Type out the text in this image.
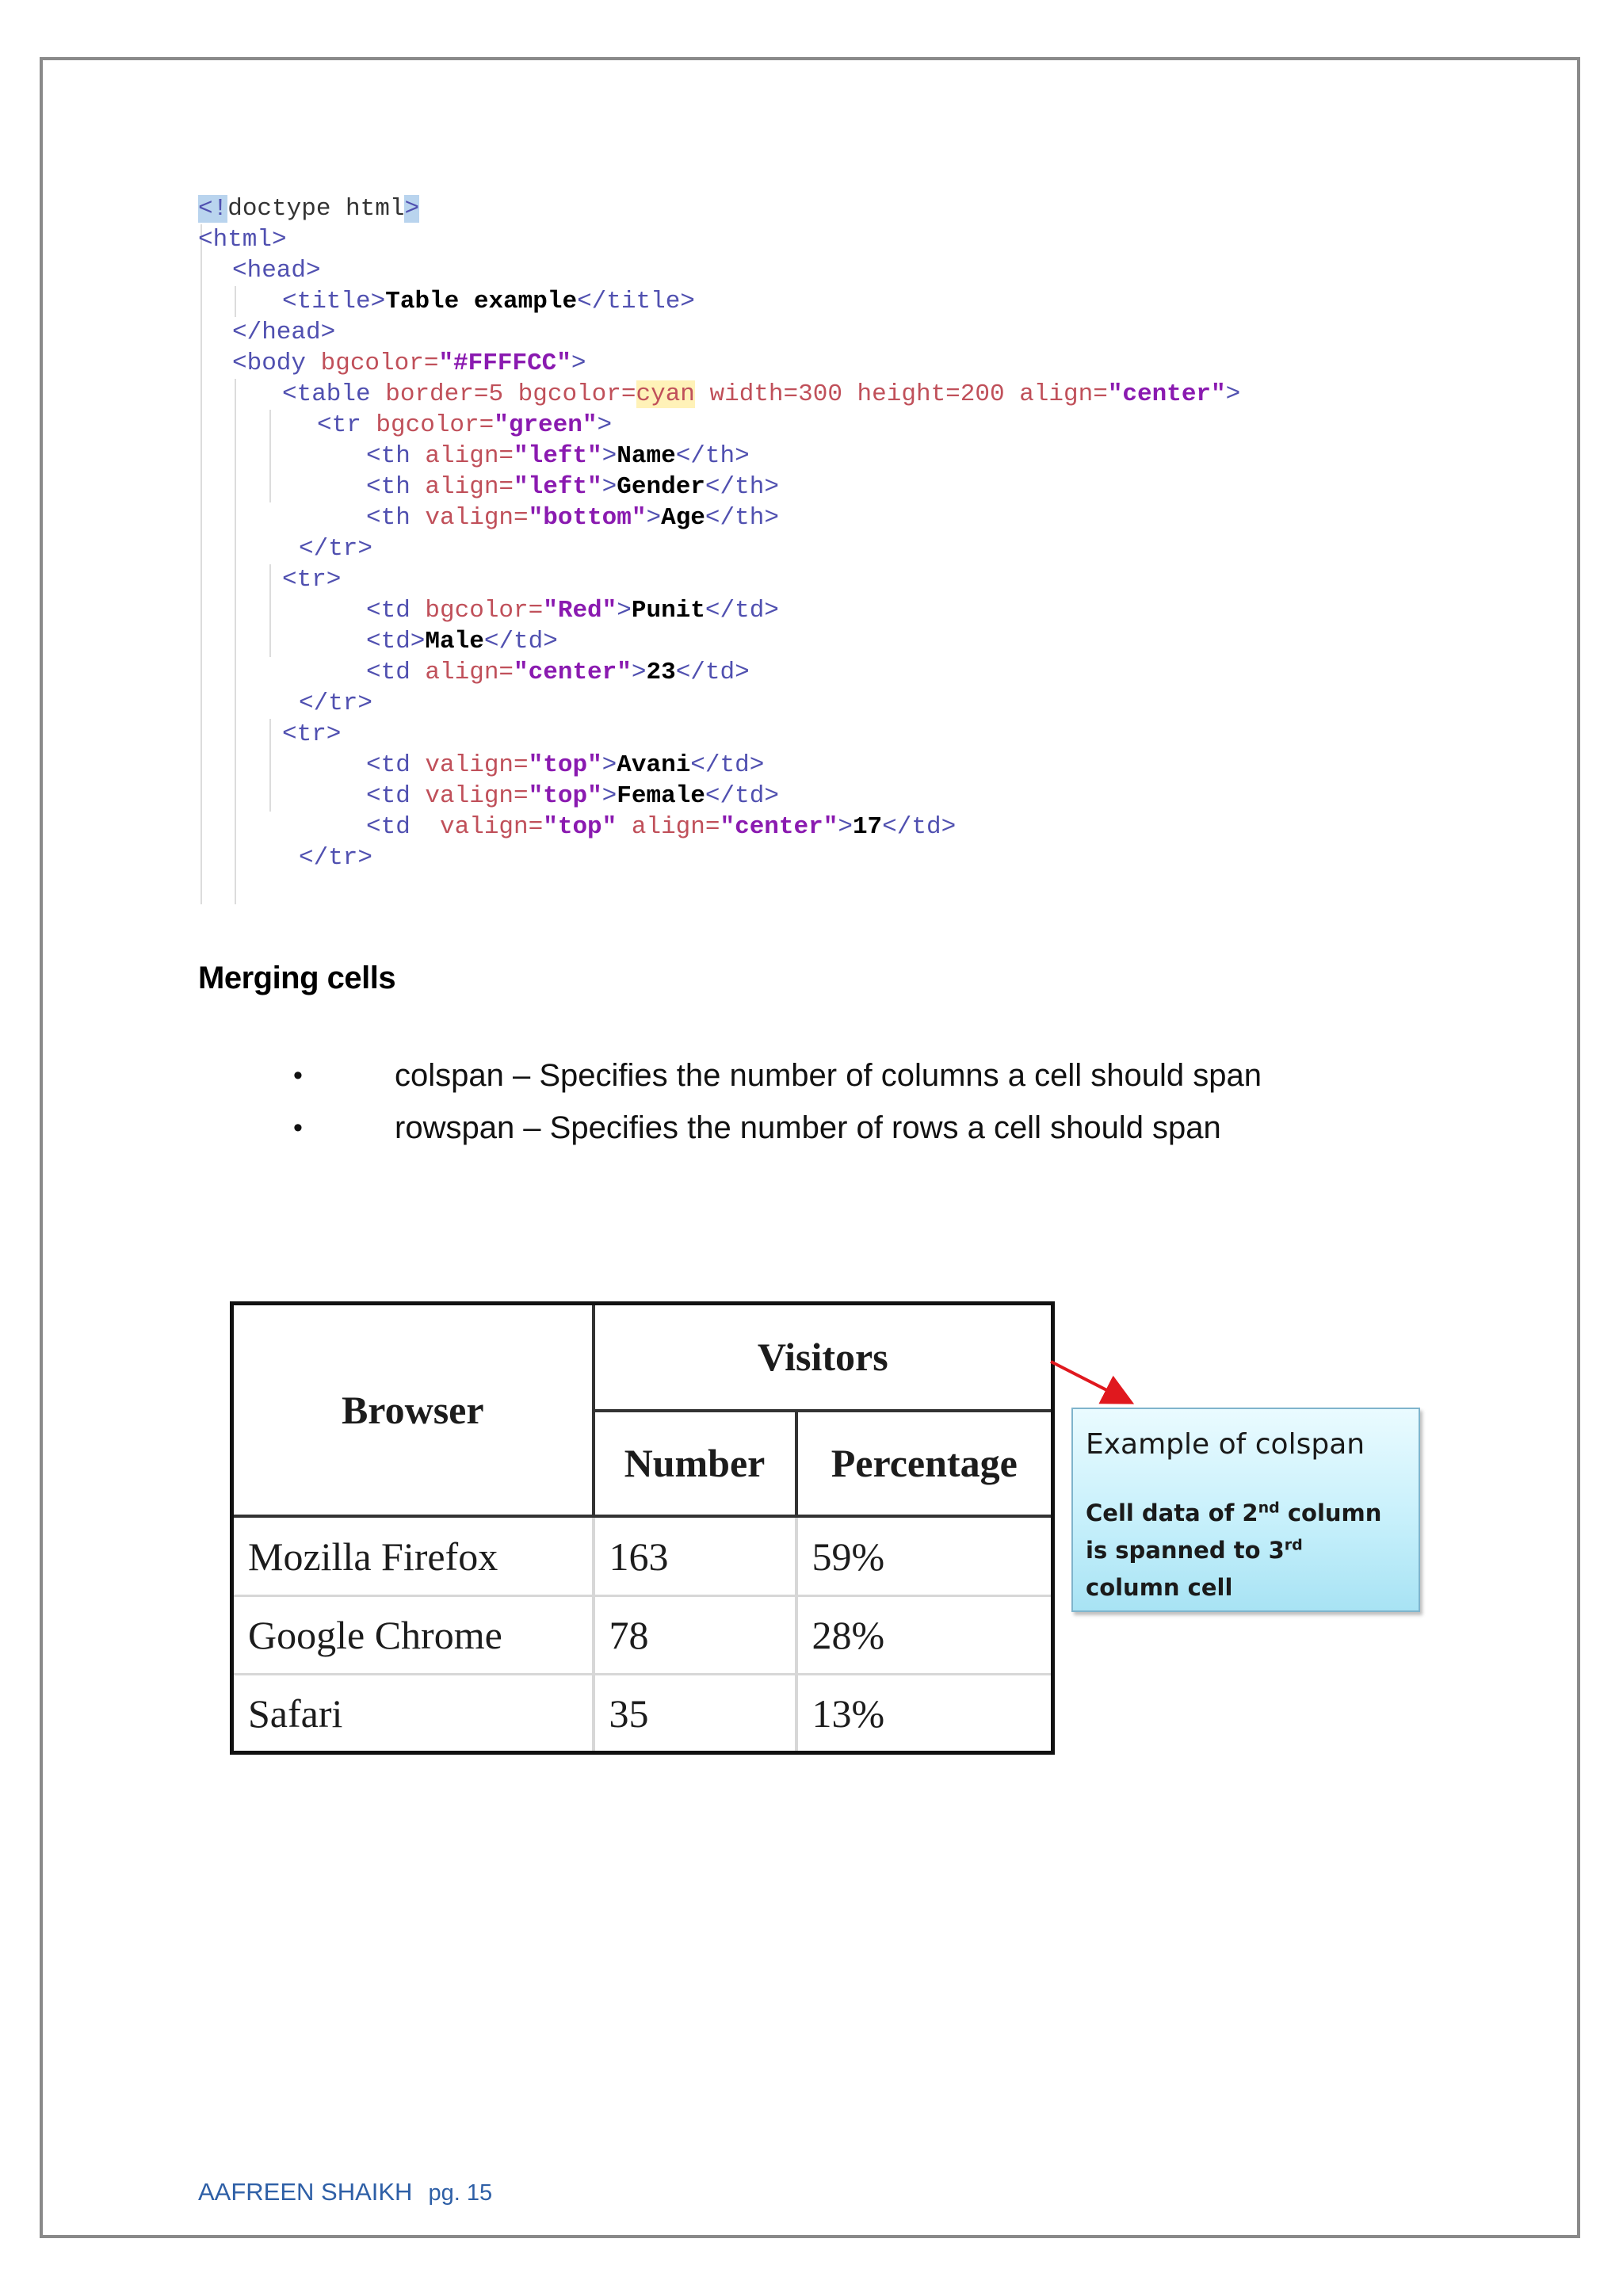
<!doctype html>
<html>
<head>
<title>Table example</title>
</head>
<body bgcolor="#FFFFCC">
<table border=5 bgcolor=cyan width=300 height=200 align="center">
<tr bgcolor="green">
<th align="left">Name</th>
<th align="left">Gender</th>
<th valign="bottom">Age</th>
</tr>
<tr>
<td bgcolor="Red">Punit</td>
<td>Male</td>
<td align="center">23</td>
</tr>
<tr>
<td valign="top">Avani</td>
<td valign="top">Female</td>
<td  valign="top" align="center">17</td>
</tr>
Merging cells
•	colspan – Specifies the number of columns a cell should span
•	rowspan – Specifies the number of rows a cell should span
Browser	Visitors	
	Number	Percentage
Mozilla Firefox	163	59%
Google Chrome	78	28%
Safari	35	13%
Example of colspan
Cell data of 2nd column
is spanned to 3rd
column cell
AAFREEN SHAIKH pg. 15
